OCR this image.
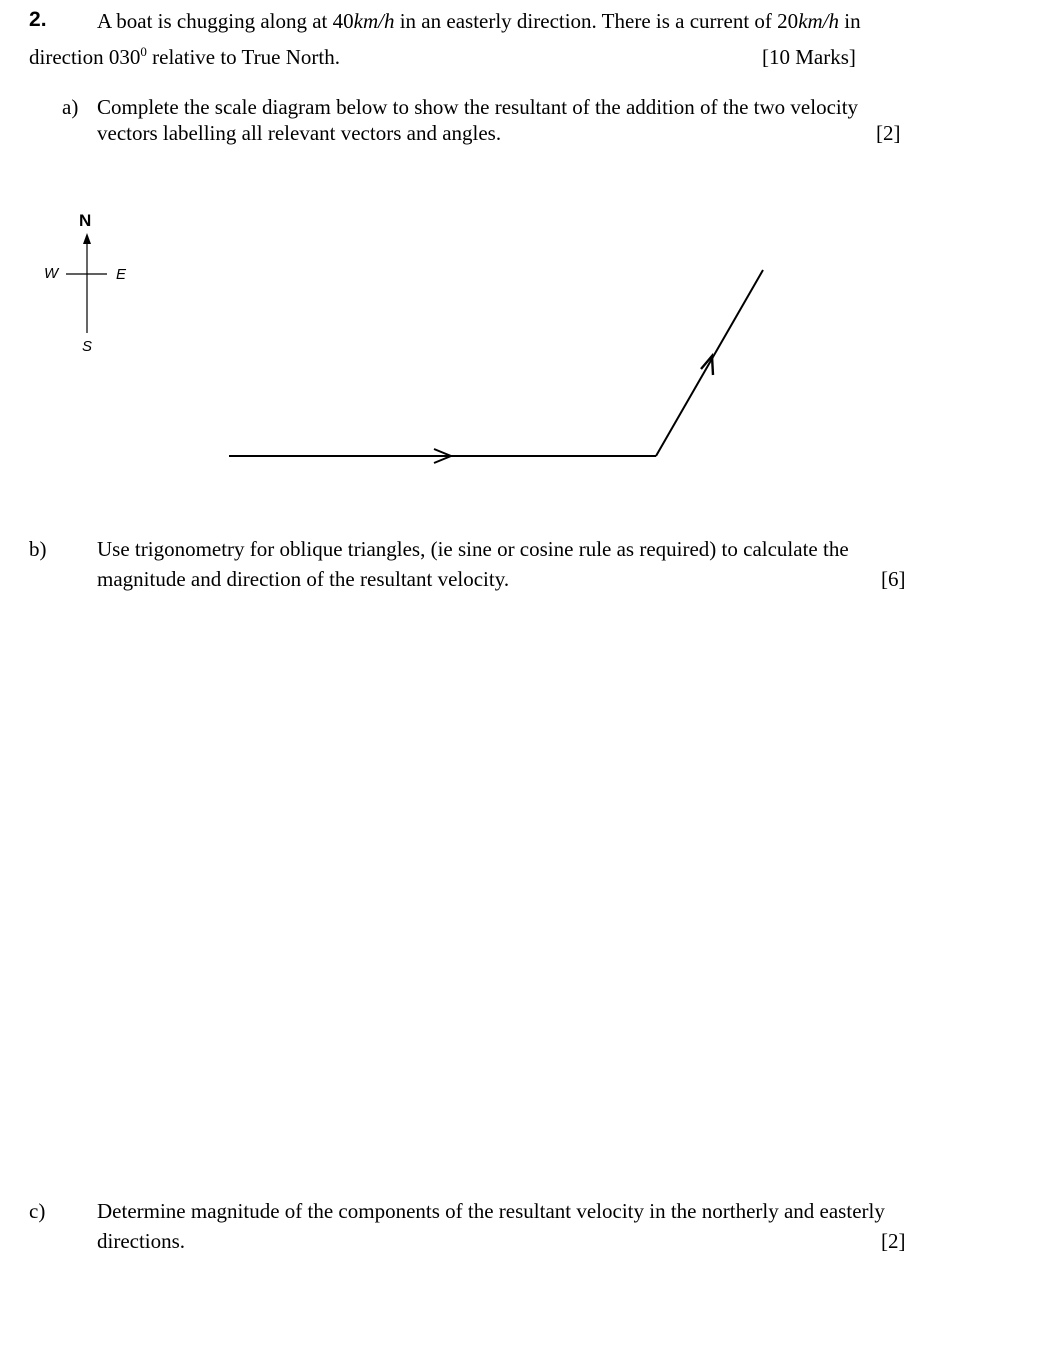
2. A boat is chugging along at 40km/h in an easterly direction. There is a current of 20km/h in
direction $030^0$ relative to True North.	[10 Marks]
a) Complete the scale diagram below to show the resultant of the addition of the two velocity
vectors labelling all relevant vectors and angles.	[2]
N
W	E
S
b) Use trigonometry for oblique triangles, (ie sine or cosine rule as required) to calculate the
magnitude and direction of the resultant velocity.	[6]
c) Determine magnitude of the components of the resultant velocity in the northerly and easterly
directions.	[2]
